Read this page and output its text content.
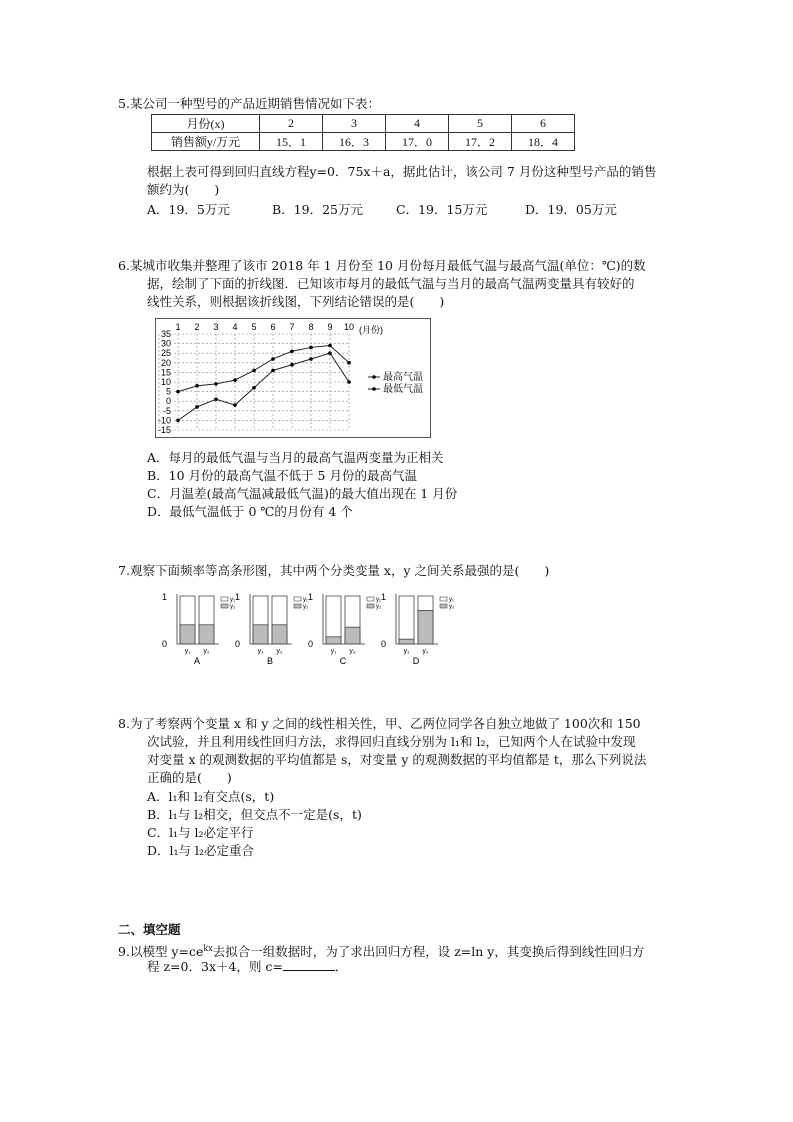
5.某公司一种型号的产品近期销售情况如下表：
月份(x)	2	3	4	5	6
销售额y/万元	15．1	16．3	17．0	17．2	18．4
根据上表可得到回归直线方程y=0．75x＋a，据此估计，该公司 7 月份这种型号产品的销售
额约为(　　)
A．19．5万元	B．19．25万元	C．19．15万元	D．19．05万元
6.某城市收集并整理了该市 2018 年 1 月份至 10 月份每月最低气温与最高气温(单位：℃)的数
据，绘制了下面的折线图．已知该市每月的最低气温与当月的最高气温两变量具有较好的
线性关系，则根据该折线图，下列结论错误的是(　　)
35
30
25
20
15
10
5
0
-5
-10
-15
1 2 3 4 5 6 7 8 9 10 (月份)
最高气温
最低气温
A．每月的最低气温与当月的最高气温两变量为正相关
B．10 月份的最高气温不低于 5 月份的最高气温
C．月温差(最高气温减最低气温)的最大值出现在 1 月份
D．最低气温低于 0 ℃的月份有 4 个
7.观察下面频率等高条形图，其中两个分类变量 x，y 之间关系最强的是(　　)
1
0
y₁ y₂
y₁
y₂
A
1
0
y₁ y₂
y₁
y₂
B
1
0
y₁ y₂
y₁
y₂
C
1
0
y₁ y₂
y₁
y₂
D
8.为了考察两个变量 x 和 y 之间的线性相关性，甲、乙两位同学各自独立地做了 100次和 150
次试验，并且利用线性回归方法，求得回归直线分别为 l₁和 l₂，已知两个人在试验中发现
对变量 x 的观测数据的平均值都是 s，对变量 y 的观测数据的平均值都是 t，那么下列说法
正确的是(　　)
A．l₁和 l₂有交点(s，t)
B．l₁与 l₂相交，但交点不一定是(s，t)
C．l₁与 l₂必定平行
D．l₁与 l₂必定重合
二、填空题
9.以模型 $y=ce^{kx}$去拟合一组数据时，为了求出回归方程，设 z=ln y，其变换后得到线性回归方
程 z=0．3x＋4，则 c=	．
